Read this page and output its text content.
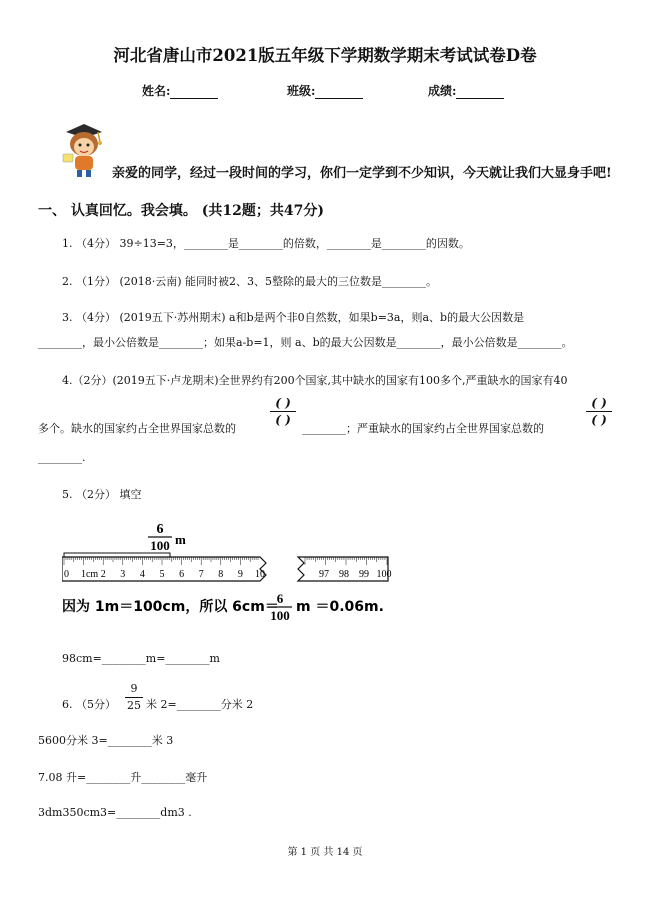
河北省唐山市2021版五年级下学期数学期末考试试卷D卷
姓名:	班级:	成绩:
亲爱的同学，经过一段时间的学习，你们一定学到不少知识，今天就让我们大显身手吧!
一、 认真回忆。我会填。 (共12题；共47分)
1. （4分） 39÷13=3，________是________的倍数，________是________的因数。
2. （1分） (2018·云南) 能同时被2、3、5整除的最大的三位数是________。
3. （4分） (2019五下·苏州期末) a和b是两个非0自然数，如果b=3a，则a、b的最大公因数是
________，最小公倍数是________；如果a-b=1，则 a、b的最大公因数是________，最小公倍数是________。
4.（2分）(2019五下·卢龙期末)全世界约有200个国家,其中缺水的国家有100多个,严重缺水的国家有40
多个。缺水的国家约占全世界国家总数的
( )
( )
________；严重缺水的国家约占全世界国家总数的
( )
( )
________.
5. （2分） 填空
6
100 m
0 1cm 2 3 4 5 6 7 8 9 10	97 98 99 100
因为 1m＝100cm，所以 6cm＝
6
100
m ＝0.06m.
98cm=________m=________m
6. （5分）
9
25 米 2=________分米 2
5600分米 3=________米 3
7.08 升=________升________毫升
3dm350cm3=________dm3 .
第 1 页 共 14 页
